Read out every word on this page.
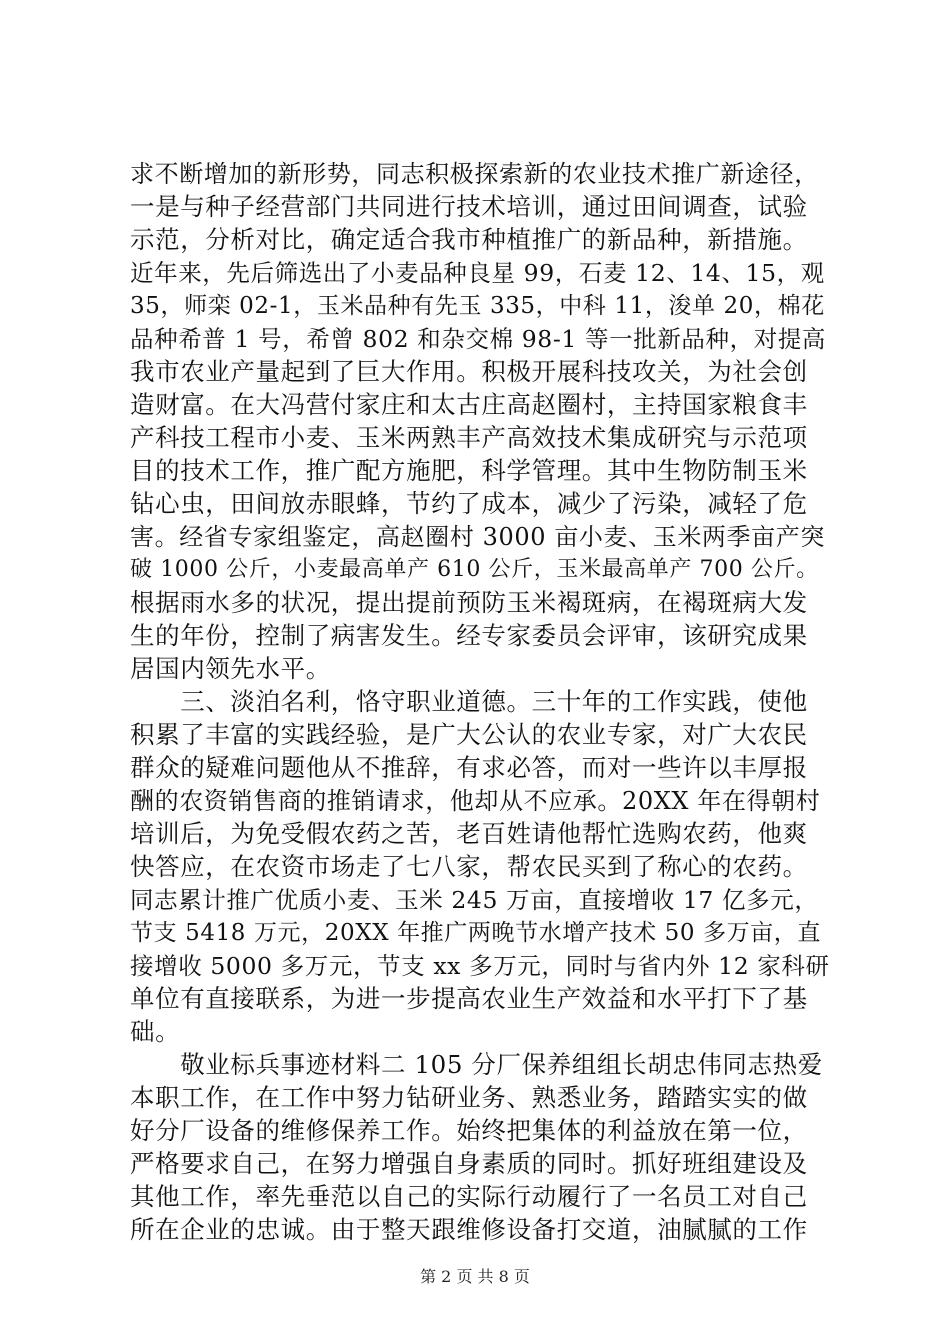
求不断增加的新形势，同志积极探索新的农业技术推广新途径，
一是与种子经营部门共同进行技术培训，通过田间调查，试验
示范，分析对比，确定适合我市种植推广的新品种，新措施。
近年来，先后筛选出了小麦品种良星 99，石麦 12、14、15，观
35，师栾 02-1，玉米品种有先玉 335，中科 11，浚单 20，棉花
品种希普 1 号，希曾 802 和杂交棉 98-1 等一批新品种，对提高
我市农业产量起到了巨大作用。积极开展科技攻关，为社会创
造财富。在大冯营付家庄和太古庄高赵圈村，主持国家粮食丰
产科技工程市小麦、玉米两熟丰产高效技术集成研究与示范项
目的技术工作，推广配方施肥，科学管理。其中生物防制玉米
钻心虫，田间放赤眼蜂，节约了成本，减少了污染，减轻了危
害。经省专家组鉴定，高赵圈村 3000 亩小麦、玉米两季亩产突
破 1000 公斤，小麦最高单产 610 公斤，玉米最高单产 700 公斤。
根据雨水多的状况，提出提前预防玉米褐斑病，在褐斑病大发
生的年份，控制了病害发生。经专家委员会评审，该研究成果
居国内领先水平。
　　三、淡泊名利，恪守职业道德。三十年的工作实践，使他
积累了丰富的实践经验，是广大公认的农业专家，对广大农民
群众的疑难问题他从不推辞，有求必答，而对一些许以丰厚报
酬的农资销售商的推销请求，他却从不应承。20XX 年在得朝村
培训后，为免受假农药之苦，老百姓请他帮忙选购农药，他爽
快答应，在农资市场走了七八家，帮农民买到了称心的农药。
同志累计推广优质小麦、玉米 245 万亩，直接增收 17 亿多元，
节支 5418 万元，20XX 年推广两晚节水增产技术 50 多万亩，直
接增收 5000 多万元，节支 xx 多万元，同时与省内外 12 家科研
单位有直接联系，为进一步提高农业生产效益和水平打下了基
础。
　　敬业标兵事迹材料二 105 分厂保养组组长胡忠伟同志热爱
本职工作，在工作中努力钻研业务、熟悉业务，踏踏实实的做
好分厂设备的维修保养工作。始终把集体的利益放在第一位，
严格要求自己，在努力增强自身素质的同时。抓好班组建设及
其他工作，率先垂范以自己的实际行动履行了一名员工对自己
所在企业的忠诚。由于整天跟维修设备打交道，油腻腻的工作
第 2 页 共 8 页
